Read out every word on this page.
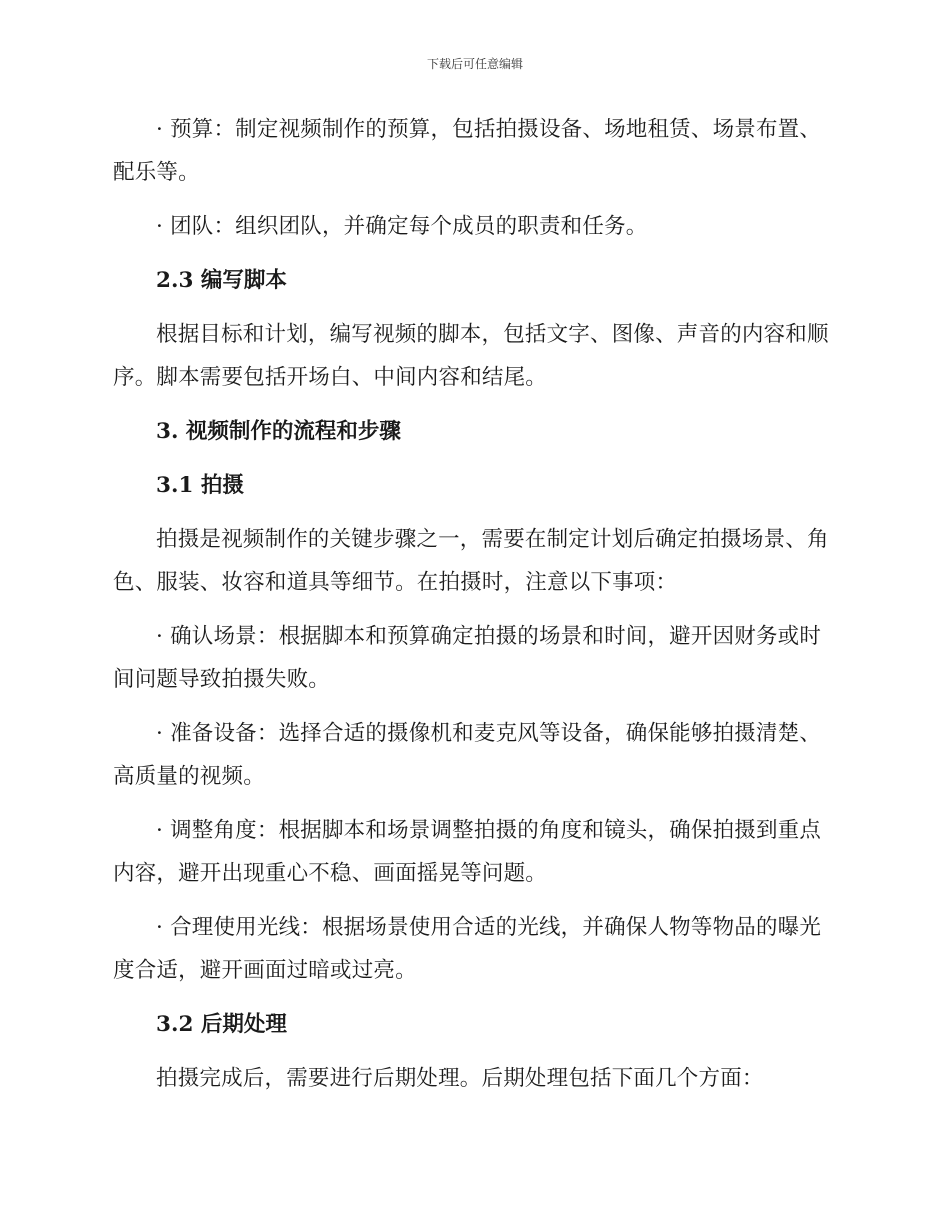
下载后可任意编辑

· 预算：制定视频制作的预算，包括拍摄设备、场地租赁、场景布置、配乐等。

· 团队：组织团队，并确定每个成员的职责和任务。

2.3 编写脚本

根据目标和计划，编写视频的脚本，包括文字、图像、声音的内容和顺序。脚本需要包括开场白、中间内容和结尾。

3. 视频制作的流程和步骤
3.1 拍摄

拍摄是视频制作的关键步骤之一，需要在制定计划后确定拍摄场景、角色、服装、妆容和道具等细节。在拍摄时，注意以下事项：

· 确认场景：根据脚本和预算确定拍摄的场景和时间，避开因财务或时间问题导致拍摄失败。

· 准备设备：选择合适的摄像机和麦克风等设备，确保能够拍摄清楚、高质量的视频。

· 调整角度：根据脚本和场景调整拍摄的角度和镜头，确保拍摄到重点内容，避开出现重心不稳、画面摇晃等问题。

· 合理使用光线：根据场景使用合适的光线，并确保人物等物品的曝光度合适，避开画面过暗或过亮。

3.2 后期处理

拍摄完成后，需要进行后期处理。后期处理包括下面几个方面：
